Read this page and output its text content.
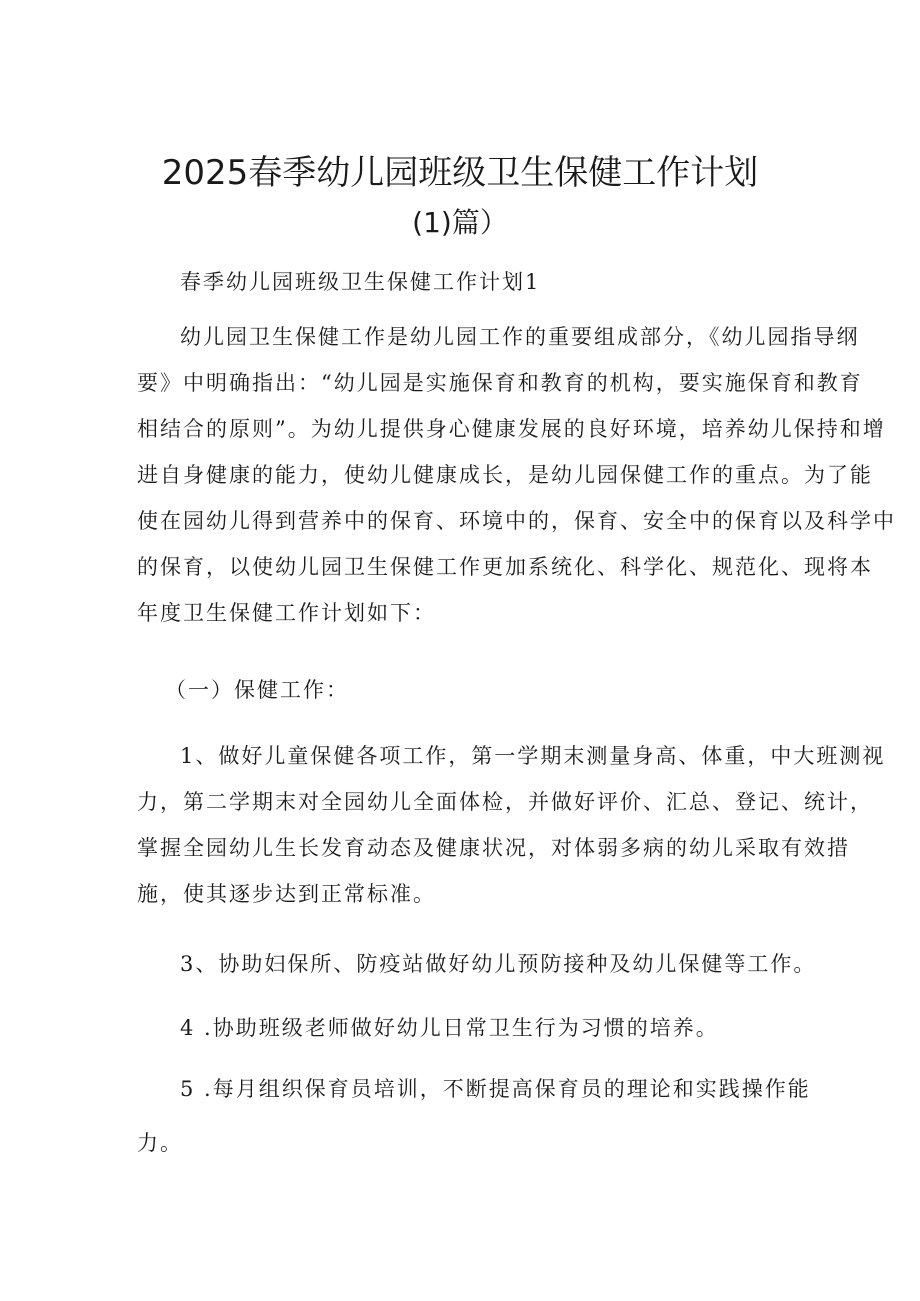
2025春季幼儿园班级卫生保健工作计划
(1)篇）

春季幼儿园班级卫生保健工作计划1

幼儿园卫生保健工作是幼儿园工作的重要组成部分，《幼儿园指导纲

要》中明确指出：“幼儿园是实施保育和教育的机构，要实施保育和教育

相结合的原则”。为幼儿提供身心健康发展的良好环境，培养幼儿保持和增

进自身健康的能力，使幼儿健康成长，是幼儿园保健工作的重点。为了能

使在园幼儿得到营养中的保育、环境中的，保育、安全中的保育以及科学中

的保育，以使幼儿园卫生保健工作更加系统化、科学化、规范化、现将本

年度卫生保健工作计划如下：

（一）保健工作：

1、做好儿童保健各项工作，第一学期末测量身高、体重，中大班测视

力，第二学期末对全园幼儿全面体检，并做好评价、汇总、登记、统计，

掌握全园幼儿生长发育动态及健康状况，对体弱多病的幼儿采取有效措

施，使其逐步达到正常标准。

3、协助妇保所、防疫站做好幼儿预防接种及幼儿保健等工作。

4 .协助班级老师做好幼儿日常卫生行为习惯的培养。

5 .每月组织保育员培训，不断提高保育员的理论和实践操作能

力。
